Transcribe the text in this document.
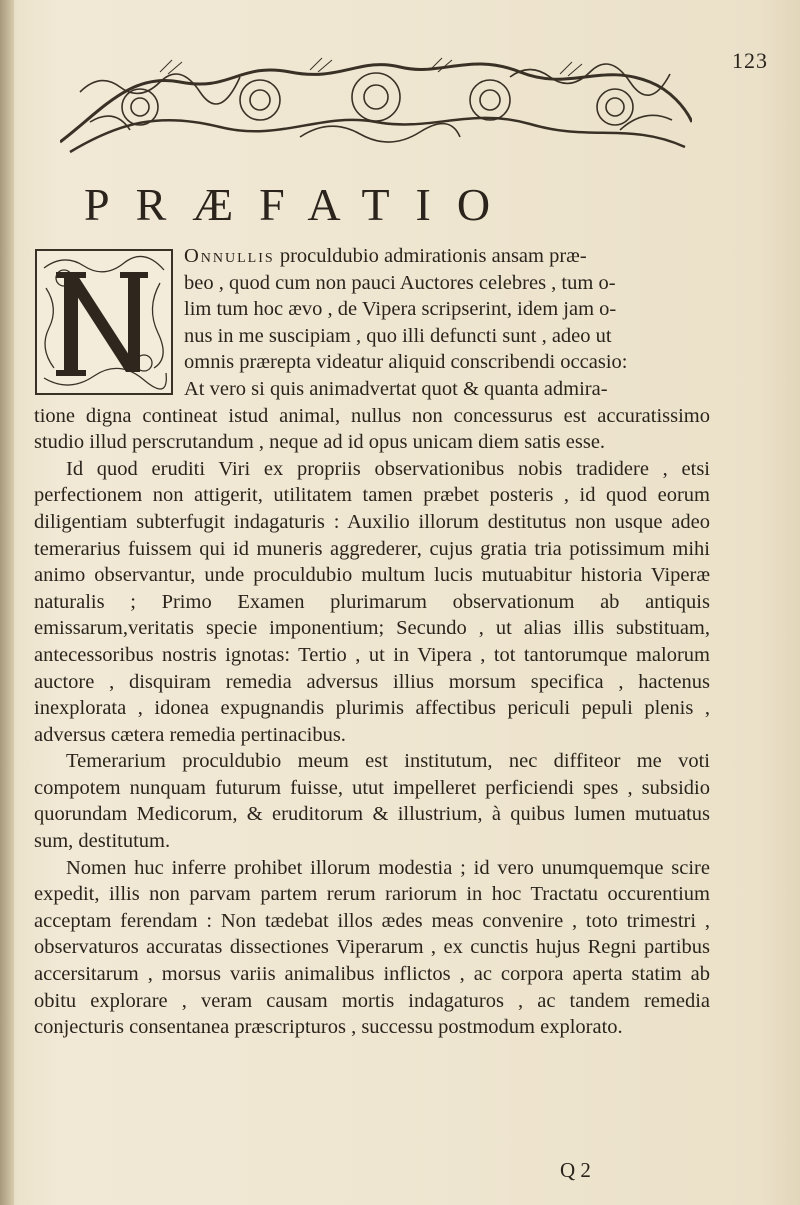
123
PRÆFATIO
Onnullis proculdubio admirationis ansam præ-
beo , quod cum non pauci Auctores celebres , tum o-
lim tum hoc ævo , de Vipera scripserint, idem jam o-
nus in me suscipiam , quo illi defuncti sunt , adeo ut
omnis prærepta videatur aliquid conscribendi occasio:
At vero si quis animadvertat quot & quanta admira-

tione digna contineat istud animal, nullus non concessurus est accuratissimo studio illud perscrutandum , neque ad id opus unicam diem satis esse.

Id quod eruditi Viri ex propriis observationibus nobis tradidere , etsi perfectionem non attigerit, utilitatem tamen præbet posteris , id quod eorum diligentiam subterfugit indagaturis : Auxilio illorum destitutus non usque adeo temerarius fuissem qui id muneris aggrederer, cujus gratia tria potissimum mihi animo observantur, unde proculdubio multum lucis mutuabitur historia Viperæ naturalis ; Primo Examen plurimarum observationum ab antiquis emissarum,veritatis specie imponentium; Secundo , ut alias illis substituam, antecessoribus nostris ignotas: Tertio , ut in Vipera , tot tantorumque malorum auctore , disquiram remedia adversus illius morsum specifica , hactenus inexplorata , idonea expugnandis plurimis affectibus periculi pepuli plenis , adversus cætera remedia pertinacibus.

Temerarium proculdubio meum est institutum, nec diffiteor me voti compotem nunquam futurum fuisse, utut impelleret perficiendi spes , subsidio quorundam Medicorum, & eruditorum & illustrium, à quibus lumen mutuatus sum, destitutum.

Nomen huc inferre prohibet illorum modestia ; id vero unumquemque scire expedit, illis non parvam partem rerum rariorum in hoc Tractatu occurentium acceptam ferendam : Non tædebat illos ædes meas convenire , toto trimestri , observaturos accuratas dissectiones Viperarum , ex cunctis hujus Regni partibus accersitarum , morsus variis animalibus inflictos , ac corpora aperta statim ab obitu explorare , veram causam mortis indagaturos , ac tandem remedia conjecturis consentanea præscripturos , successu postmodum explorato.

Q 2
